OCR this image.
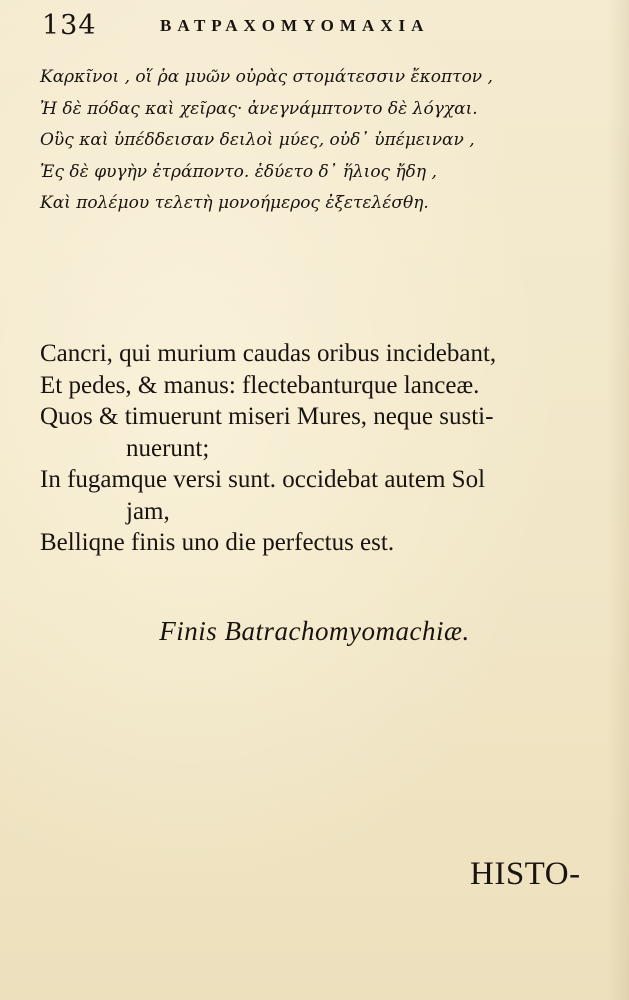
134	ΒΑΤΡΑΧΟΜΥΟΜΑΧΙΑ
Καρκῖνοι , οἵ ῥα μυῶν οὐρὰς στομάτεσσιν ἔκοπτον ,
Ἠ δὲ πόδας καὶ χεῖρας· ἀνεγνάμπτοντο δὲ λόγχαι.
Οὓς καὶ ὑπέδδεισαν δειλοὶ μύες, οὐδ᾽ ὑπέμειναν ,
Ἐς δὲ φυγὴν ἐτράποντο. ἐδύετο δ᾽ ἥλιος ἤδη ,
Καὶ πολέμου τελετὴ μονοήμερος ἐξετελέσθη.
Cancri, qui murium caudas oribus incidebant,
Et pedes, & manus: flectebanturque lanceæ.
Quos & timuerunt miseri Mures, neque susti-
nuerunt;
In fugamque versi sunt. occidebat autem Sol
jam,
Belliqne finis uno die perfectus est.
Finis Batrachomyomachiæ.
HISTO-
